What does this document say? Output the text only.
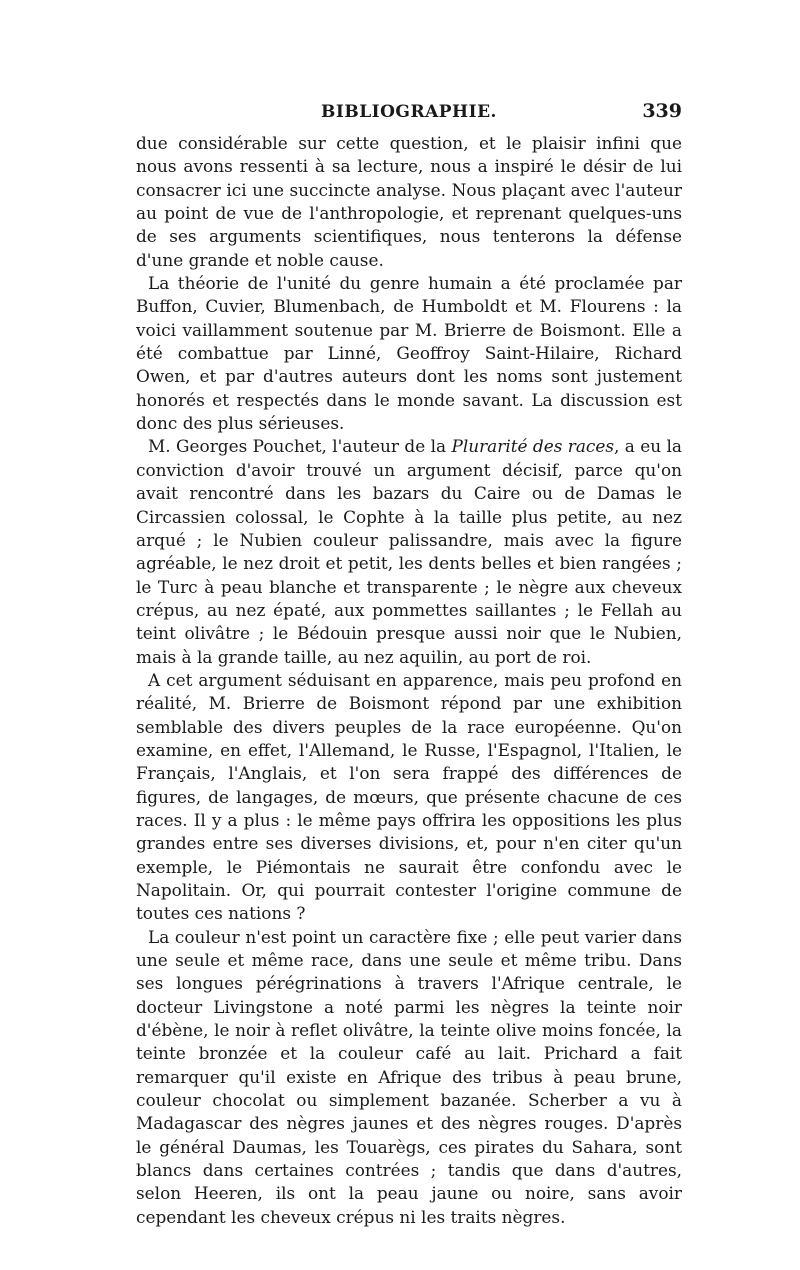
BIBLIOGRAPHIE.	339

due considérable sur cette question, et le plaisir infini que nous avons ressenti à sa lecture, nous a inspiré le désir de lui consacrer ici une succincte analyse. Nous plaçant avec l'auteur au point de vue de l'anthropologie, et reprenant quelques-uns de ses arguments scientifiques, nous tenterons la défense d'une grande et noble cause.

La théorie de l'unité du genre humain a été proclamée par Buffon, Cuvier, Blumenbach, de Humboldt et M. Flourens : la voici vaillamment soutenue par M. Brierre de Boismont. Elle a été combattue par Linné, Geoffroy Saint-Hilaire, Richard Owen, et par d'autres auteurs dont les noms sont justement honorés et respectés dans le monde savant. La discussion est donc des plus sérieuses.

M. Georges Pouchet, l'auteur de la Plurarité des races, a eu la conviction d'avoir trouvé un argument décisif, parce qu'on avait rencontré dans les bazars du Caire ou de Damas le Circassien colossal, le Cophte à la taille plus petite, au nez arqué ; le Nubien couleur palissandre, mais avec la figure agréable, le nez droit et petit, les dents belles et bien rangées ; le Turc à peau blanche et transparente ; le nègre aux cheveux crépus, au nez épaté, aux pommettes saillantes ; le Fellah au teint olivâtre ; le Bédouin presque aussi noir que le Nubien, mais à la grande taille, au nez aquilin, au port de roi.

A cet argument séduisant en apparence, mais peu profond en réalité, M. Brierre de Boismont répond par une exhibition semblable des divers peuples de la race européenne. Qu'on examine, en effet, l'Allemand, le Russe, l'Espagnol, l'Italien, le Français, l'Anglais, et l'on sera frappé des différences de figures, de langages, de mœurs, que présente chacune de ces races. Il y a plus : le même pays offrira les oppositions les plus grandes entre ses diverses divisions, et, pour n'en citer qu'un exemple, le Piémontais ne saurait être confondu avec le Napolitain. Or, qui pourrait contester l'origine commune de toutes ces nations ?

La couleur n'est point un caractère fixe ; elle peut varier dans une seule et même race, dans une seule et même tribu. Dans ses longues pérégrinations à travers l'Afrique centrale, le docteur Livingstone a noté parmi les nègres la teinte noir d'ébène, le noir à reflet olivâtre, la teinte olive moins foncée, la teinte bronzée et la couleur café au lait. Prichard a fait remarquer qu'il existe en Afrique des tribus à peau brune, couleur chocolat ou simplement bazanée. Scherber a vu à Madagascar des nègres jaunes et des nègres rouges. D'après le général Daumas, les Touarègs, ces pirates du Sahara, sont blancs dans certaines contrées ; tandis que dans d'autres, selon Heeren, ils ont la peau jaune ou noire, sans avoir cependant les cheveux crépus ni les traits nègres.
